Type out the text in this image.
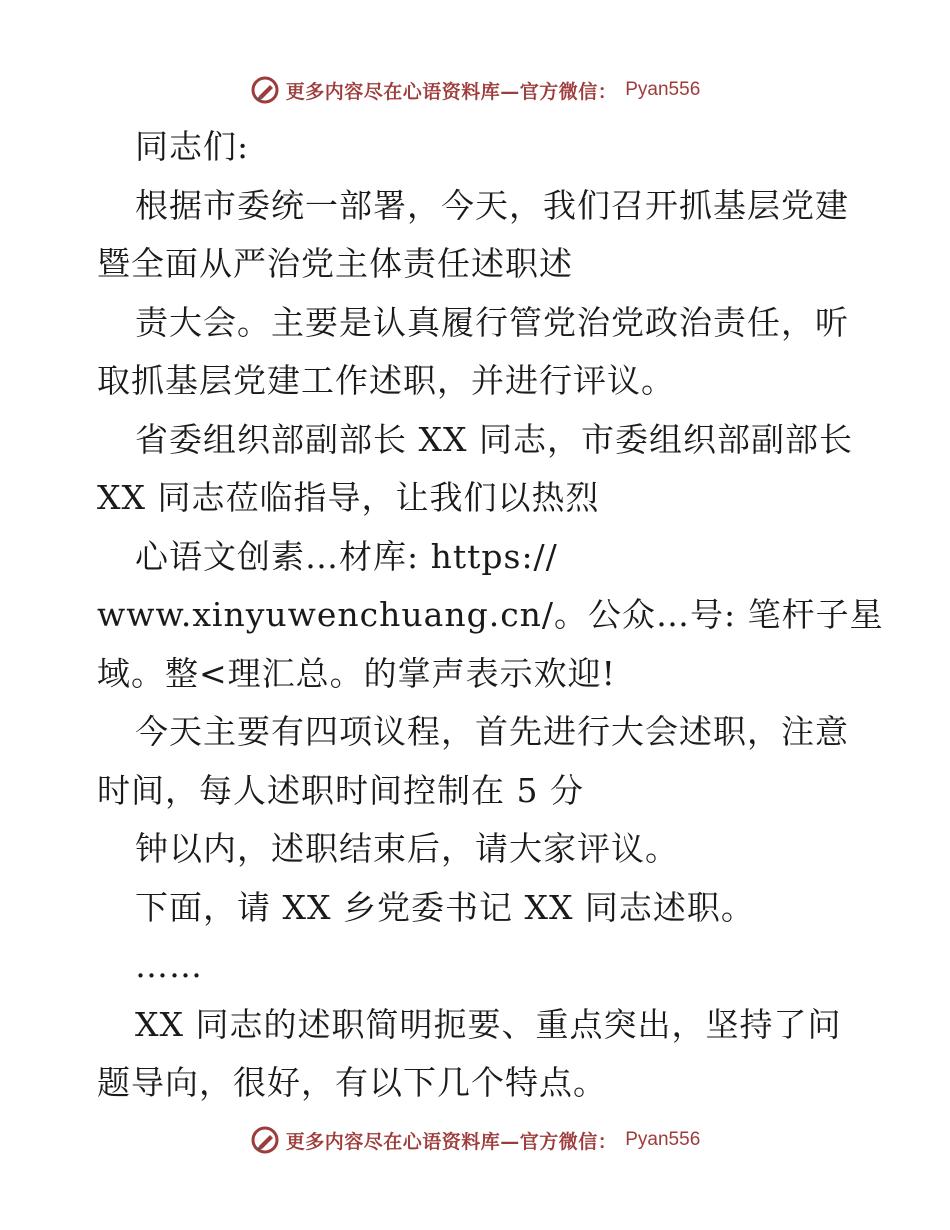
更多内容尽在心语资料库—官方微信： Pyan556
同志们:
根据市委统一部署，今天，我们召开抓基层党建
暨全面从严治党主体责任述职述
责大会。主要是认真履行管党治党政治责任，听
取抓基层党建工作述职，并进行评议。
省委组织部副部长 XX 同志，市委组织部副部长
XX 同志莅临指导，让我们以热烈
心语文创素…材库: https://
www.xinyuwenchuang.cn/。公众…号: 笔杆子星
域。整<理汇总。的掌声表示欢迎!
今天主要有四项议程，首先进行大会述职，注意
时间，每人述职时间控制在 5 分
钟以内，述职结束后，请大家评议。
下面，请 XX 乡党委书记 XX 同志述职。
……
XX 同志的述职简明扼要、重点突出，坚持了问
题导向，很好，有以下几个特点。
更多内容尽在心语资料库—官方微信： Pyan556
